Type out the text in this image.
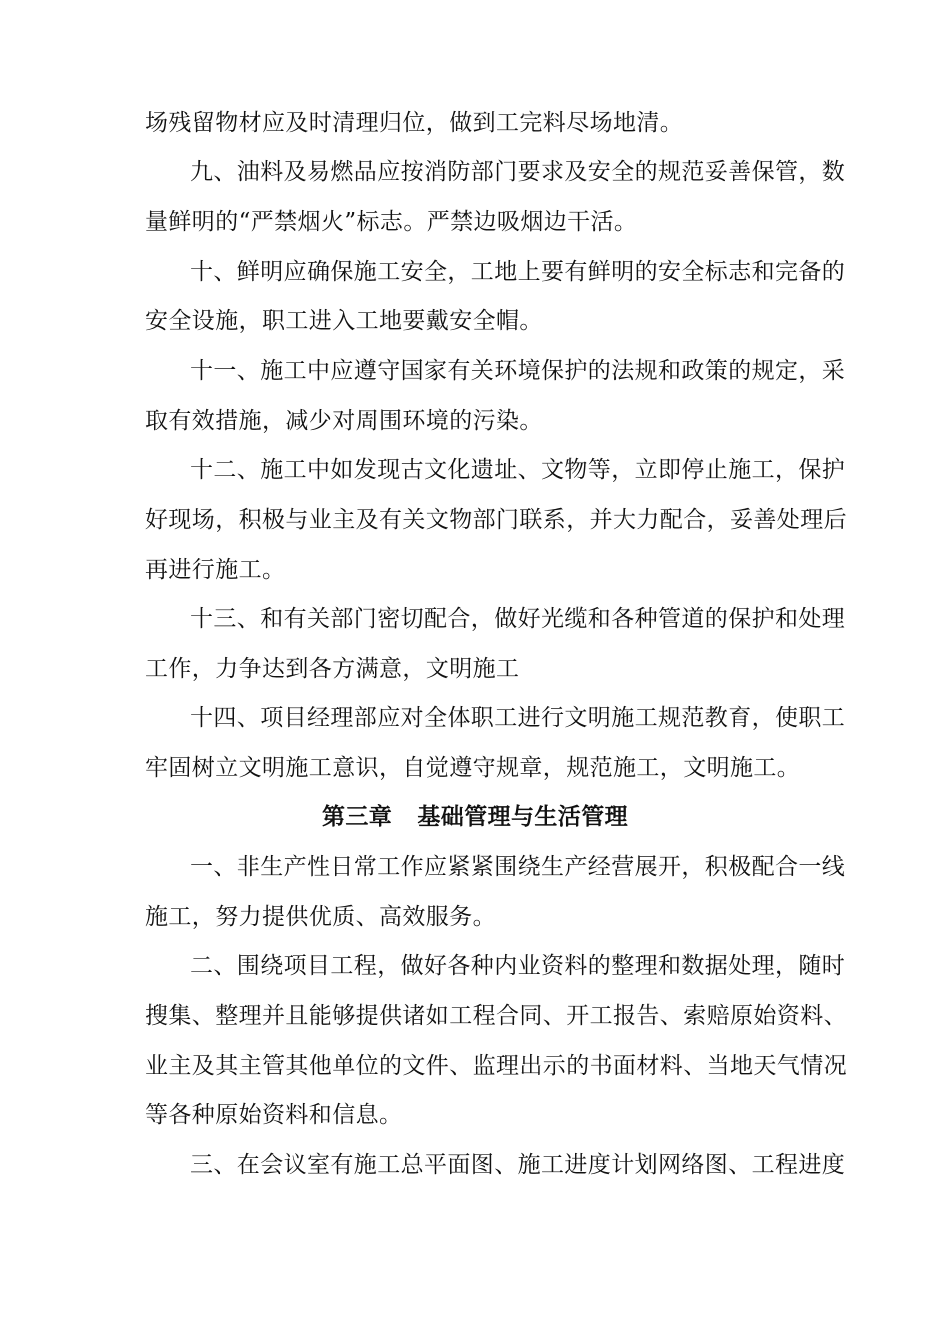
场残留物材应及时清理归位，做到工完料尽场地清。
九、油料及易燃品应按消防部门要求及安全的规范妥善保管，数
量鲜明的“严禁烟火”标志。严禁边吸烟边干活。
十、鲜明应确保施工安全，工地上要有鲜明的安全标志和完备的
安全设施，职工进入工地要戴安全帽。
十一、施工中应遵守国家有关环境保护的法规和政策的规定，采
取有效措施，减少对周围环境的污染。
十二、施工中如发现古文化遗址、文物等，立即停止施工，保护
好现场，积极与业主及有关文物部门联系，并大力配合，妥善处理后
再进行施工。
十三、和有关部门密切配合，做好光缆和各种管道的保护和处理
工作，力争达到各方满意，文明施工
十四、项目经理部应对全体职工进行文明施工规范教育，使职工
牢固树立文明施工意识，自觉遵守规章，规范施工，文明施工。
第三章   基础管理与生活管理
一、非生产性日常工作应紧紧围绕生产经营展开，积极配合一线
施工，努力提供优质、高效服务。
二、围绕项目工程，做好各种内业资料的整理和数据处理，随时
搜集、整理并且能够提供诸如工程合同、开工报告、索赔原始资料、
业主及其主管其他单位的文件、监理出示的书面材料、当地天气情况
等各种原始资料和信息。
三、在会议室有施工总平面图、施工进度计划网络图、工程进度
